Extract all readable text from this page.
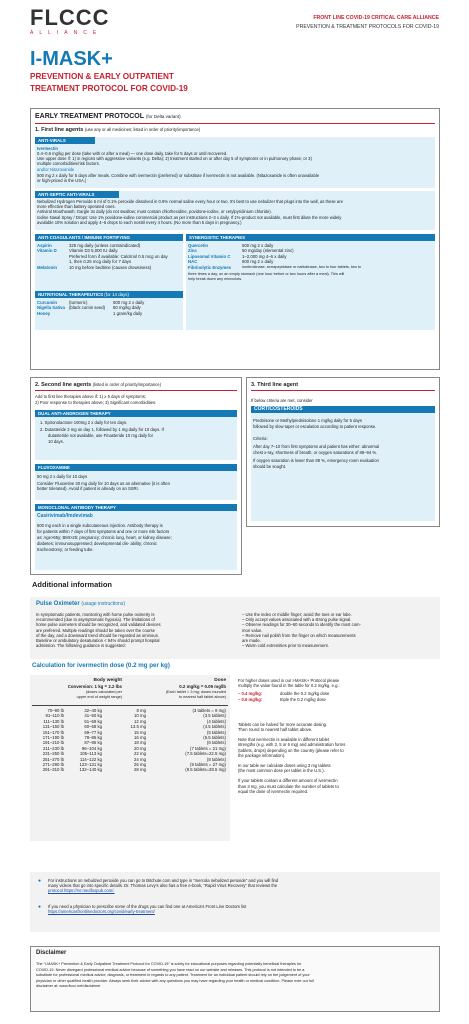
FLCCC
ALLIANCE
FRONT LINE COVID-19 CRITICAL CARE ALLIANCE
PREVENTION & TREATMENT PROTOCOLS FOR COVID-19
I-MASK+
PREVENTION & EARLY OUTPATIENT
TREATMENT PROTOCOL FOR COVID-19
EARLY TREATMENT PROTOCOL (for Delta variant)
1. First line agents (use any or all medicines; listed in order of priority/importance)
ANTI-VIRALS
Ivermectin
0.4–0.6 mg/kg per dose (take with or after a meal) — one dose daily, take for 5 days or until recovered.
Use upper dose if: 1) in regions with aggressive variants (e.g. Delta); 2) treatment started on or after day 5 of symptoms or in pulmonary phase; or 3)
multiple comorbidities/risk factors.
and/or Nitazoxanide
500 mg 2 x daily for 5 days after meals. Combine with ivermectin (preferred) or substitute if ivermectin is not available. (Nitazoxanide is often unavailable
or high-priced in the USA.)
ANTI-SEPTIC ANTI-VIRALS
Nebulized Hydrogen Peroxide 5 ml of 0.1% peroxide dissolved in 0.9% normal saline every hour or two. It's best to use nebulizer that plugs into the wall, as these are
more effective than battery operated ones.
Antiviral Mouthwash: Gargle 3x daily (do not swallow; must contain chlorhexidine, povidone-iodine, or cetylpyridinium chloride).
Iodine Nasal Spray / Drops: Use 1% povidone-iodine commercial product as per instructions 2–3 x daily. If 1%-product not available, must first dilute the more widely
available 10% solution and apply 4–5 drops to each nostril every 4 hours. (No more than 5 days in pregnancy.)
ANTI-COAGULANTS / IMMUNE FORTIFYING
Aspirin	325 mg daily (unless contraindicated)
Vitamin D	Vitamin D3 5,000 IU daily.
	Preferred form if available: Calcitriol 0.5 mcg on day
	1, then 0.25 mcg daily for 7 days
Melatonin	10 mg before bedtime (causes drowsiness)
NUTRITIONAL THERAPEUTICS (for 14 days)
Curcumin	(turmeric)	500 mg 2 x daily
Nigella Sativa	(black cumin seed)	80 mg/kg daily
Honey		1 gram/kg daily
SYNERGISTIC THERAPIES
Quercetin	500 mg 2 x daily
Zinc	50 mg/day (elemental zinc)
Liposomal Vitamin C	1–2,000 mg 4–6 x daily
NAC	500 mg 2 x daily
Fibrinolytic Enzymes	lumbrokinase, serrapeptidase or nattokinase, two to four tablets, two to
three times a day, on an empty stomach (one hour before or two hours after a meal). This will
help break down any microclots.
2. Second line agents (listed in order of priority/importance)
Add to first line therapies above if: 1) ≥ 5 days of symptoms;
2) Poor response to therapies above; 3) Significant comorbidities.
DUAL ANTI-ANDROGEN THERAPY
1. Spironolactone 100mg 2 x daily for ten days.
2. Dutasteride 2 mg on day 1, followed by 1 mg daily for 10 days. If
dutasteride not available, use Finasteride 10 mg daily for
10 days.
FLUVOXAMINE
50 mg 2 x daily for 10 days
Consider Fluoxetine 30 mg daily for 10 days as an alternative (it is often
better tolerated). Avoid if patient is already on an SSRI.
MONOCLONAL ANTIBODY THERAPY
Casirivimab/Imdevimab
600 mg each in a single subcutaneous injection. Antibody therapy is
for patients within 7 days of first symptoms and one or more risk factors
as: Age>65y; BMI>25; pregnancy; chronic lung, heart, or kidney disease;
diabetes; immunosuppressed; developmental dis- ability; chronic
tracheostomy; or feeding tube.
3. Third line agent
If below criteria are met, consider
CORTICOSTEROIDS
Prednisone or Methylprednisolone 1 mg/kg daily for 5 days
followed by slow taper or escalation according to patient response.
Criteria:
After day 7–10 from first symptoms and patient has either: abnormal
chest x-ray, shortness of breath, or oxygen saturations of 88–94 %.
If oxygen saturation is lower than 88 %, emergency room evaluation
should be sought.
Additional information
Pulse Oximeter (usage instructions)
In symptomatic patients, monitoring with home pulse oximetry is
recommended (due to asymptomatic hypoxia). The limitations of
home pulse oximeters should be recognized, and validated devices
are preferred. Multiple readings should be taken over the course
of the day, and a downward trend should be regarded as ominous.
Baseline or ambulatory desaturation < 94% should prompt hospital
admission. The following guidance is suggested:
– Use the index or middle finger; avoid the toes or ear lobe.
– Only accept values associated with a strong pulse signal.
– Observe readings for 30–60 seconds to identify the most com-
mon value.
– Remove nail polish from the finger on which measurements
are made.
– Warm cold extremities prior to measurement.
Calculation for ivermectin dose (0.2 mg per kg)
Body weight
Conversion: 1 kg = 2.2 lbs
(doses calculated per
upper end of weight range)
Dose
0.2 mg/kg = 0.09 mg/lb
(Each tablet = 3 mg; doses rounded
to nearest half tablet above)
70–90 lb	32–40 kg	8 mg	(3 tablets = 9 mg)
91–110 lb	41–50 kg	10 mg	(3.5 tablets)
111–130 lb	51–59 kg	12 mg	(4 tablets)
131–150 lb	60–68 kg	13.5 mg	(4.5 tablets)
151–170 lb	69–77 kg	15 mg	(5 tablets)
171–190 lb	78–86 kg	16 mg	(5.5 tablets)
191–210 lb	87–95 kg	18 mg	(6 tablets)
211–230 lb	96–104 kg	20 mg	(7 tablets = 21 mg)
231–250 lb	105–113 kg	22 mg	(7.5 tablets=22.5 mg)
251–270 lb	114–122 kg	24 mg	(8 tablets)
271–290 lb	123–131 kg	26 mg	(9 tablets = 27 mg)
291–310 lb	132–140 kg	28 mg	(9.5 tablets=28.5 mg)
For higher doses used in our I-MASK+ Protocol please
multiply the value found in the table for 0.2 mg/kg, e.g.:
– 0.4 mg/kg:	double the 0.2 mg/kg dose
– 0.6 mg/kg:	triple the 0.2 mg/kg dose
Tablets can be halved for more accurate dosing.
Then round to nearest half tablet above.
Note that ivermectin is available in different tablet
strengths (e.g. with 3, 5 or 6 mg) and administration forms
(tablets, drops) depending on the country (please refer to
the package information).
In our table we calculate doses using 3 mg tablets
(the most common dose per tablet in the U.S.).
If your tablets contain a different amount of ivermectin
than 3 mg, you must calculate the number of tablets to
equal the dose of ivermectin required.
● For instructions on nebulized peroxide you can go to Bitchute.com and type in “mercola nebulized peroxide” and you will find
many videos that go into specific details. Dr. Thomas Levy's also has a free e-book, “Rapid Virus Recovery” that reviews the
protocol https://rvr.medfoxpub.com/.
● If you need a physician to prescribe some of the drugs you can find one at America's Front Line Doctors list
https://americasfrontlinedoctors.org/covid/early-treatment/
Disclaimer
The “I-MASK+ Prevention & Early Outpatient Treatment Protocol for COVID-19” is solely for educational purposes regarding potentially beneficial therapies for
COVID-19. Never disregard professional medical advice because of something you have read on our website and releases. This protocol is not intended to be a
substitute for professional medical advice, diagnosis, or treatment in regards to any patient. Treatment for an individual patient should rely on the judgement of your
physician or other qualified health provider. Always seek their advice with any questions you may have regarding your health or medical condition. Please note our full
disclaimer at: www.flccc.net/disclaimer
